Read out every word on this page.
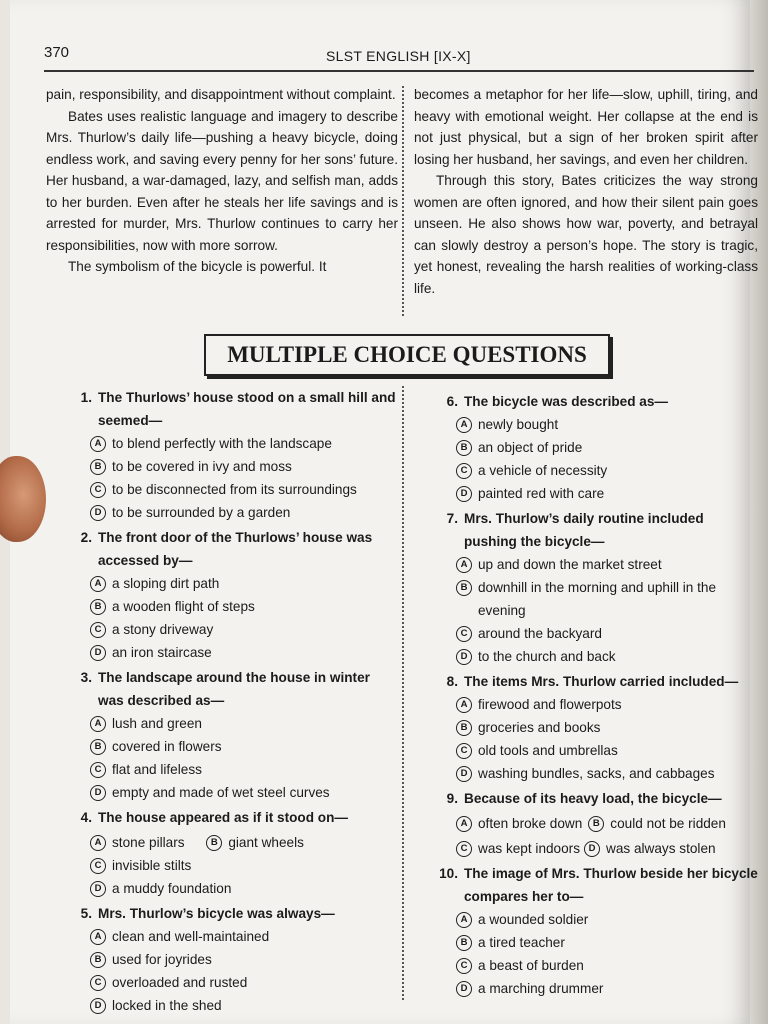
370	SLST ENGLISH [IX-X]

pain, responsibility, and disappointment without complaint.

Bates uses realistic language and imagery to describe Mrs. Thurlow’s daily life—pushing a heavy bicycle, doing endless work, and saving every penny for her sons’ future. Her husband, a war-damaged, lazy, and selfish man, adds to her burden. Even after he steals her life savings and is arrested for murder, Mrs. Thurlow continues to carry her responsibilities, now with more sorrow.

The symbolism of the bicycle is powerful. It

becomes a metaphor for her life—slow, uphill, tiring, and heavy with emotional weight. Her collapse at the end is not just physical, but a sign of her broken spirit after losing her husband, her savings, and even her children.

Through this story, Bates criticizes the way strong women are often ignored, and how their silent pain goes unseen. He also shows how war, poverty, and betrayal can slowly destroy a person’s hope. The story is tragic, yet honest, revealing the harsh realities of working-class life.

MULTIPLE CHOICE QUESTIONS
1. The Thurlows’ house stood on a small hill and seemed—
A to blend perfectly with the landscape
B to be covered in ivy and moss
C to be disconnected from its surroundings
D to be surrounded by a garden
2. The front door of the Thurlows’ house was accessed by—
A a sloping dirt path
B a wooden flight of steps
C a stony driveway
D an iron staircase
3. The landscape around the house in winter was described as—
A lush and green
B covered in flowers
C flat and lifeless
D empty and made of wet steel curves
4. The house appeared as if it stood on—
A stone pillars
	B giant wheels
C invisible stilts
D a muddy foundation
5. Mrs. Thurlow’s bicycle was always—
A clean and well-maintained
B used for joyrides
C overloaded and rusted
D locked in the shed
6. The bicycle was described as—
A newly bought
B an object of pride
C a vehicle of necessity
D painted red with care
7. Mrs. Thurlow’s daily routine included pushing the bicycle—
A up and down the market street
B downhill in the morning and uphill in the evening
C around the backyard
D to the church and back
8. The items Mrs. Thurlow carried included—
A firewood and flowerpots
B groceries and books
C old tools and umbrellas
D washing bundles, sacks, and cabbages
9. Because of its heavy load, the bicycle—
A often broke down	B could not be ridden
C was kept indoors D was always stolen
10. The image of Mrs. Thurlow beside her bicycle compares her to—
A a wounded soldier
B a tired teacher
C a beast of burden
D a marching drummer
